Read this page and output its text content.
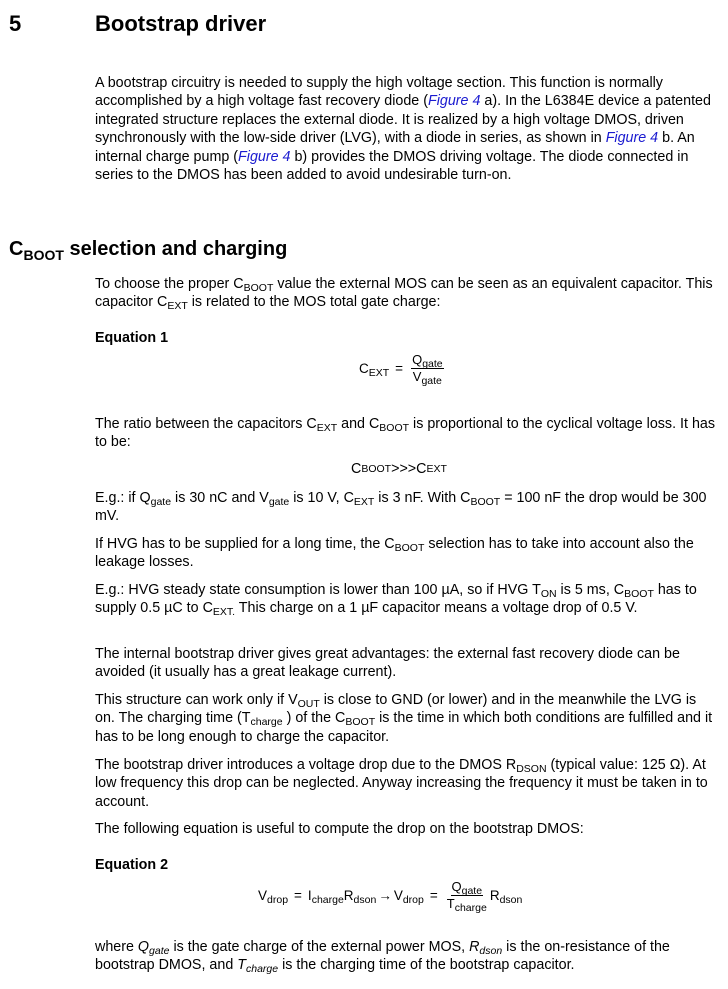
5	Bootstrap driver

A bootstrap circuitry is needed to supply the high voltage section. This function is normally accomplished by a high voltage fast recovery diode (Figure 4 a). In the L6384E device a patented integrated structure replaces the external diode. It is realized by a high voltage DMOS, driven synchronously with the low-side driver (LVG), with a diode in series, as shown in Figure 4 b. An internal charge pump (Figure 4 b) provides the DMOS driving voltage. The diode connected in series to the DMOS has been added to avoid undesirable turn-on.

$C_{BOOT}$ selection and charging

To choose the proper $C_{BOOT}$ value the external MOS can be seen as an equivalent capacitor. This capacitor $C_{EXT}$ is related to the MOS total gate charge:

Equation 1
$C_{EXT} = \frac{Q_{gate}}{V_{gate}}$

The ratio between the capacitors $C_{EXT}$ and $C_{BOOT}$ is proportional to the cyclical voltage loss. It has to be:

C BOOT >>> C EXT

E.g.: if $Q_{gate}$ is 30 nC and $V_{gate}$ is 10 V, $C_{EXT}$ is 3 nF. With $C_{BOOT} = 100$ nF the drop would be 300 mV.

If HVG has to be supplied for a long time, the $C_{BOOT}$ selection has to take into account also the leakage losses.

E.g.: HVG steady state consumption is lower than 100 µA, so if HVG $T_{ON}$ is 5 ms, $C_{BOOT}$ has to supply 0.5 µC to $C_{EXT.}$ This charge on a 1 µF capacitor means a voltage drop of 0.5 V.

The internal bootstrap driver gives great advantages: the external fast recovery diode can be avoided (it usually has a great leakage current).

This structure can work only if $V_{OUT}$ is close to GND (or lower) and in the meanwhile the LVG is on. The charging time ($T_{charge}$ ) of the $C_{BOOT}$ is the time in which both conditions are fulfilled and it has to be long enough to charge the capacitor.

The bootstrap driver introduces a voltage drop due to the DMOS $R_{DSON}$ (typical value: 125 Ω). At low frequency this drop can be neglected. Anyway increasing the frequency it must be taken in to account.

The following equation is useful to compute the drop on the bootstrap DMOS:

Equation 2
$V_{drop} = I_{charge}R_{dson} \to V_{drop} = \frac{Q_{gate}}{T_{charge}} R_{dson}$

where $Q_{gate}$ is the gate charge of the external power MOS, $R_{dson}$ is the on-resistance of the bootstrap DMOS, and $T_{charge}$ is the charging time of the bootstrap capacitor.
